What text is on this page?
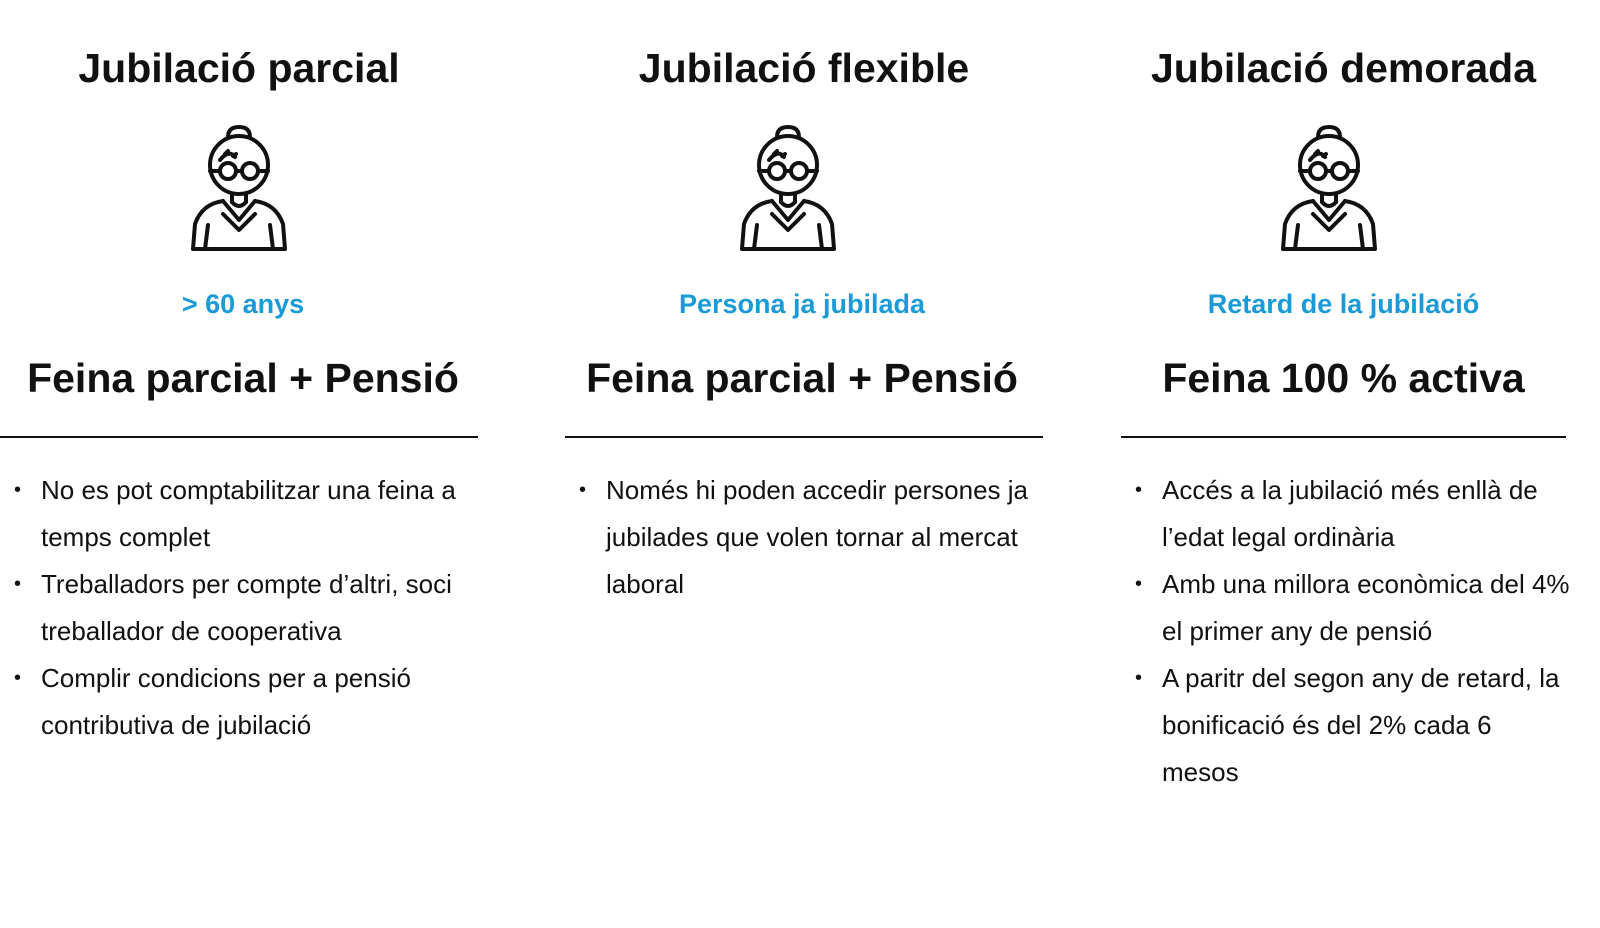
Jubilació parcial
> 60 anys
Feina parcial + Pensió
• No es pot comptabilitzar una feina a temps complet
• Treballadors per compte d’altri, soci treballador de cooperativa
• Complir condicions per a pensió contributiva de jubilació
Jubilació flexible
Persona ja jubilada
Feina parcial + Pensió
• Només hi poden accedir persones ja jubilades que volen tornar al mercat laboral
Jubilació demorada
Retard de la jubilació
Feina 100 % activa
• Accés a la jubilació més enllà de l’edat legal ordinària
• Amb una millora econòmica del 4% el primer any de pensió
• A paritr del segon any de retard, la bonificació és del 2% cada 6 mesos
